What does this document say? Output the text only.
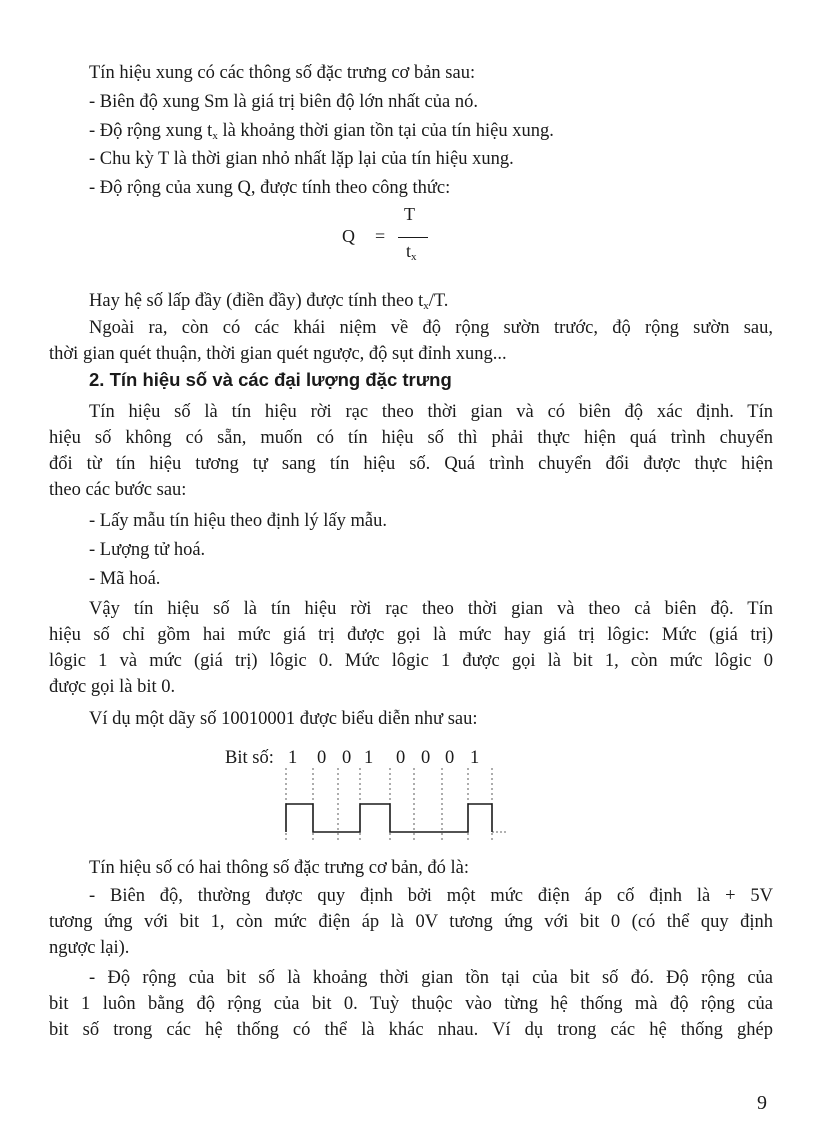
Tín hiệu xung có các thông số đặc trưng cơ bản sau:
- Biên độ xung Sm là giá trị biên độ lớn nhất của nó.
- Độ rộng xung $t_x$ là khoảng thời gian tồn tại của tín hiệu xung.
- Chu kỳ T là thời gian nhỏ nhất lặp lại của tín hiệu xung.
- Độ rộng của xung Q, được tính theo công thức:
Q =
T
$t_x$
Hay hệ số lấp đầy (điền đầy) được tính theo $t_x/T$.
Ngoài ra, còn có các khái niệm về độ rộng sườn trước, độ rộng sườn sau,
thời gian quét thuận, thời gian quét ngược, độ sụt đỉnh xung...
2. Tín hiệu số và các đại lượng đặc trưng
Tín hiệu số là tín hiệu rời rạc theo thời gian và có biên độ xác định. Tín
hiệu số không có sẵn, muốn có tín hiệu số thì phải thực hiện quá trình chuyển
đổi từ tín hiệu tương tự sang tín hiệu số. Quá trình chuyển đổi được thực hiện
theo các bước sau:
- Lấy mẫu tín hiệu theo định lý lấy mẫu.
- Lượng tử hoá.
- Mã hoá.
Vậy tín hiệu số là tín hiệu rời rạc theo thời gian và theo cả biên độ. Tín
hiệu số chỉ gồm hai mức giá trị được gọi là mức hay giá trị lôgic: Mức (giá trị)
lôgic 1 và mức (giá trị) lôgic 0. Mức lôgic 1 được gọi là bit 1, còn mức lôgic 0
được gọi là bit 0.
Ví dụ một dãy số 10010001 được biểu diễn như sau:
Bit số: 1 0 0 1 0 0 0 1
Tín hiệu số có hai thông số đặc trưng cơ bản, đó là:
- Biên độ, thường được quy định bởi một mức điện áp cố định là + 5V
tương ứng với bit 1, còn mức điện áp là 0V tương ứng với bit 0 (có thể quy định
ngược lại).
- Độ rộng của bit số là khoảng thời gian tồn tại của bit số đó. Độ rộng của
bit 1 luôn bằng độ rộng của bit 0. Tuỳ thuộc vào từng hệ thống mà độ rộng của
bit số trong các hệ thống có thể là khác nhau. Ví dụ trong các hệ thống ghép
9
